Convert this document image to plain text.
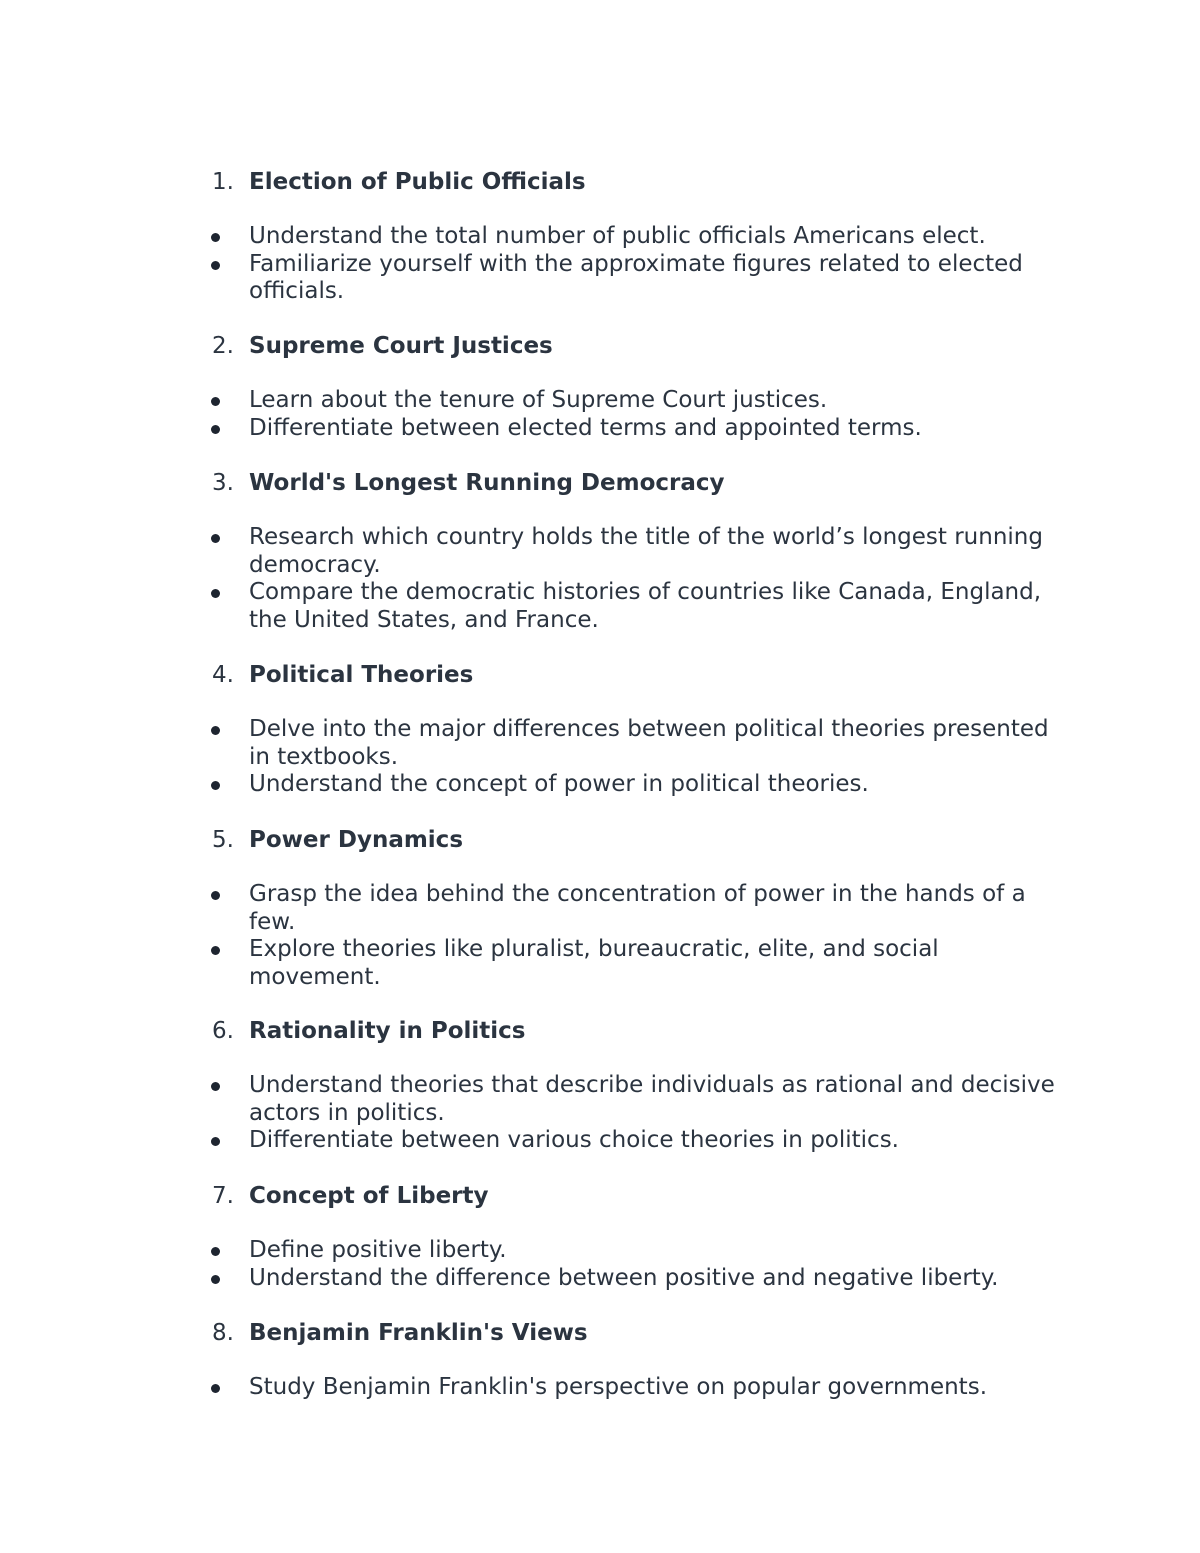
1. Election of Public Officials
Understand the total number of public officials Americans elect.
Familiarize yourself with the approximate figures related to elected officials.
2. Supreme Court Justices
Learn about the tenure of Supreme Court justices.
Differentiate between elected terms and appointed terms.
3. World's Longest Running Democracy
Research which country holds the title of the world’s longest running democracy.
Compare the democratic histories of countries like Canada, England, the United States, and France.
4. Political Theories
Delve into the major differences between political theories presented in textbooks.
Understand the concept of power in political theories.
5. Power Dynamics
Grasp the idea behind the concentration of power in the hands of a few.
Explore theories like pluralist, bureaucratic, elite, and social movement.
6. Rationality in Politics
Understand theories that describe individuals as rational and decisive actors in politics.
Differentiate between various choice theories in politics.
7. Concept of Liberty
Define positive liberty.
Understand the difference between positive and negative liberty.
8. Benjamin Franklin's Views
Study Benjamin Franklin's perspective on popular governments.
